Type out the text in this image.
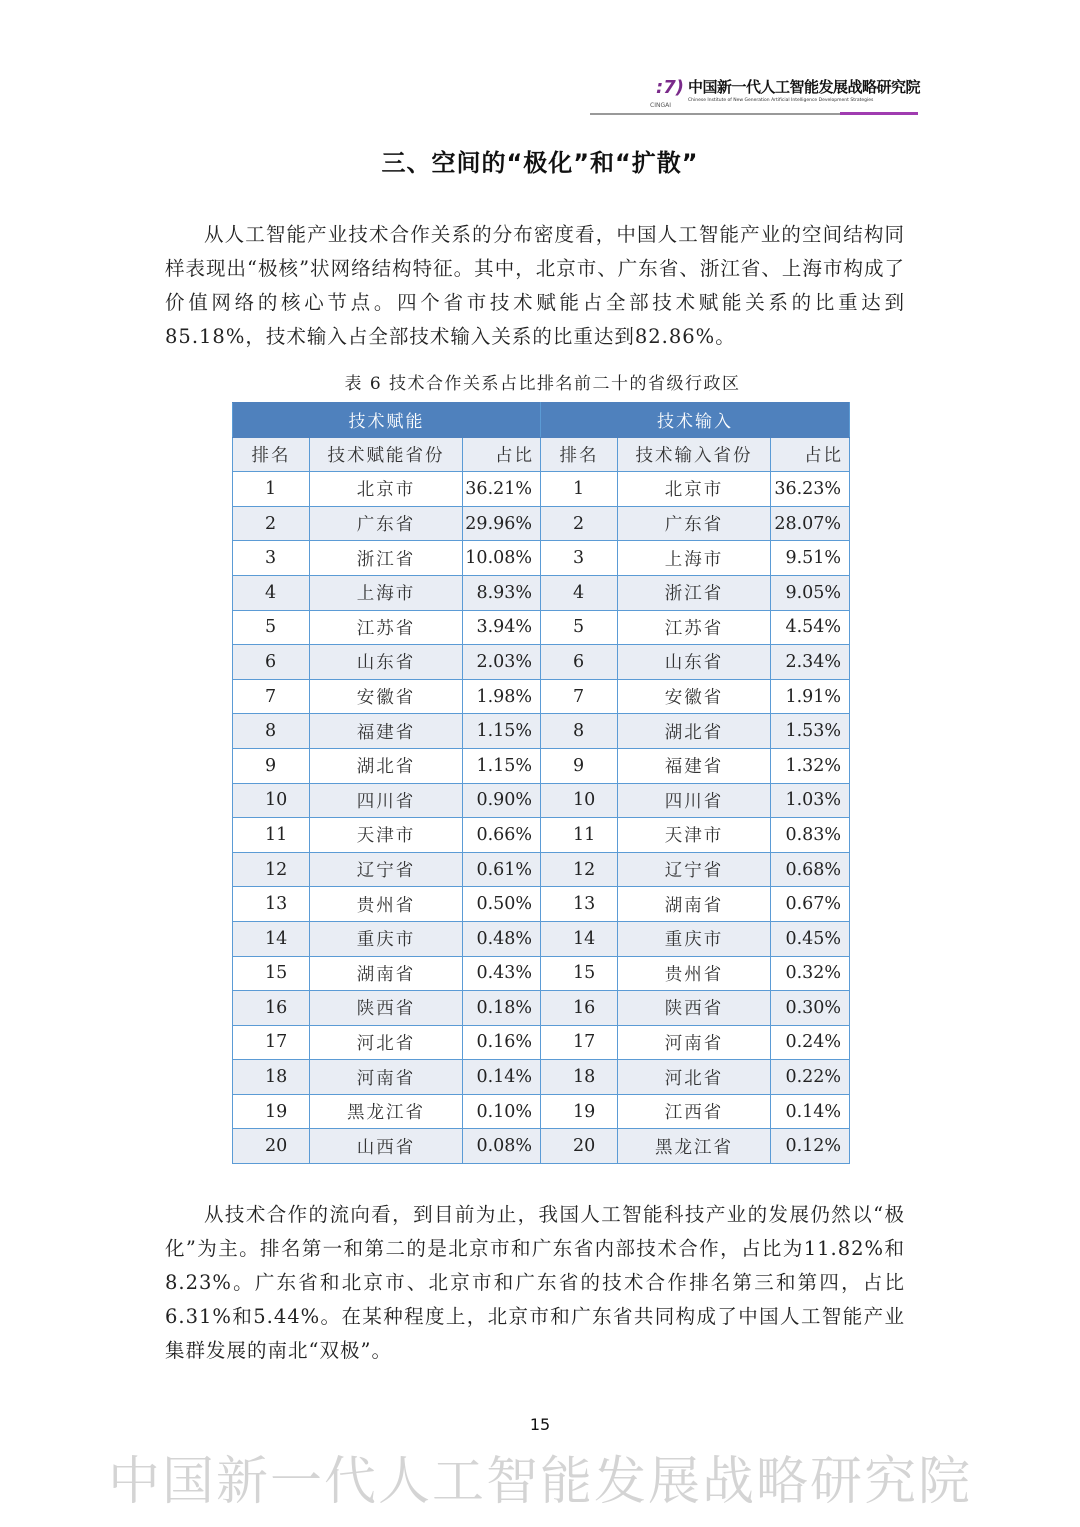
:7)
CINGAI
中国新一代人工智能发展战略研究院
Chinese Institute of New Generation Artificial Intelligence Development Strategies
三、空间的“极化”和“扩散”
从人工智能产业技术合作关系的分布密度看，中国人工智能产业的空间结构同样表现出“极核”状网络结构特征。其中，北京市、广东省、浙江省、上海市构成了价值网络的核心节点。四个省市技术赋能占全部技术赋能关系的比重达到85.18%，技术输入占全部技术输入关系的比重达到82.86%。
表 6 技术合作关系占比排名前二十的省级行政区
技术赋能			技术输入		
排名	技术赋能省份	占比	排名	技术输入省份	占比
1	北京市	36.21%	1	北京市	36.23%
2	广东省	29.96%	2	广东省	28.07%
3	浙江省	10.08%	3	上海市	9.51%
4	上海市	8.93%	4	浙江省	9.05%
5	江苏省	3.94%	5	江苏省	4.54%
6	山东省	2.03%	6	山东省	2.34%
7	安徽省	1.98%	7	安徽省	1.91%
8	福建省	1.15%	8	湖北省	1.53%
9	湖北省	1.15%	9	福建省	1.32%
10	四川省	0.90%	10	四川省	1.03%
11	天津市	0.66%	11	天津市	0.83%
12	辽宁省	0.61%	12	辽宁省	0.68%
13	贵州省	0.50%	13	湖南省	0.67%
14	重庆市	0.48%	14	重庆市	0.45%
15	湖南省	0.43%	15	贵州省	0.32%
16	陕西省	0.18%	16	陕西省	0.30%
17	河北省	0.16%	17	河南省	0.24%
18	河南省	0.14%	18	河北省	0.22%
19	黑龙江省	0.10%	19	江西省	0.14%
20	山西省	0.08%	20	黑龙江省	0.12%
从技术合作的流向看，到目前为止，我国人工智能科技产业的发展仍然以“极化”为主。排名第一和第二的是北京市和广东省内部技术合作，占比为11.82%和8.23%。广东省和北京市、北京市和广东省的技术合作排名第三和第四，占比6.31%和5.44%。在某种程度上，北京市和广东省共同构成了中国人工智能产业集群发展的南北“双极”。
15
中国新一代人工智能发展战略研究院
